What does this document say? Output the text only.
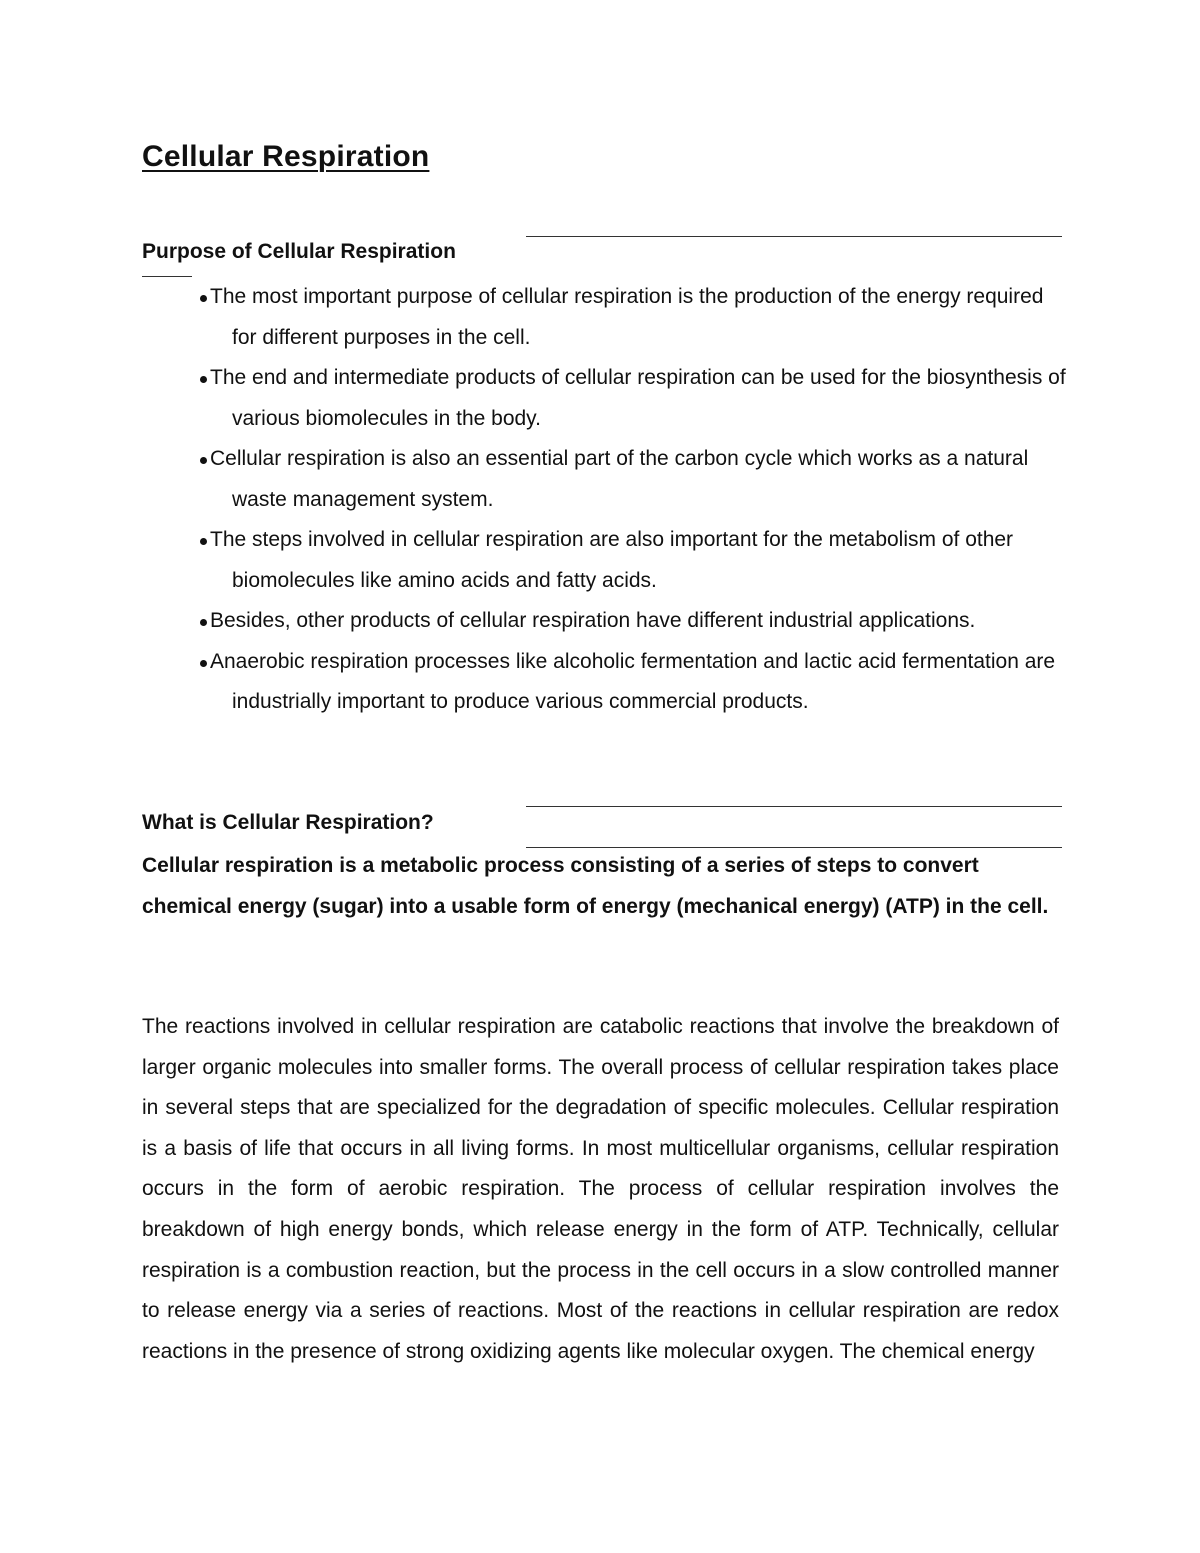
Cellular Respiration
Purpose of Cellular Respiration
The most important purpose of cellular respiration is the production of the energy required for different purposes in the cell.
The end and intermediate products of cellular respiration can be used for the biosynthesis of various biomolecules in the body.
Cellular respiration is also an essential part of the carbon cycle which works as a natural waste management system.
The steps involved in cellular respiration are also important for the metabolism of other biomolecules like amino acids and fatty acids.
Besides, other products of cellular respiration have different industrial applications.
Anaerobic respiration processes like alcoholic fermentation and lactic acid fermentation are industrially important to produce various commercial products.
What is Cellular Respiration?

Cellular respiration is a metabolic process consisting of a series of steps to convert chemical energy (sugar) into a usable form of energy (mechanical energy) (ATP) in the cell.

The reactions involved in cellular respiration are catabolic reactions that involve the breakdown of larger organic molecules into smaller forms. The overall process of cellular respiration takes place in several steps that are specialized for the degradation of specific molecules. Cellular respiration is a basis of life that occurs in all living forms. In most multicellular organisms, cellular respiration occurs in the form of aerobic respiration. The process of cellular respiration involves the breakdown of high energy bonds, which release energy in the form of ATP. Technically, cellular respiration is a combustion reaction, but the process in the cell occurs in a slow controlled manner to release energy via a series of reactions. Most of the reactions in cellular respiration are redox reactions in the presence of strong oxidizing agents like molecular oxygen. The chemical energy
